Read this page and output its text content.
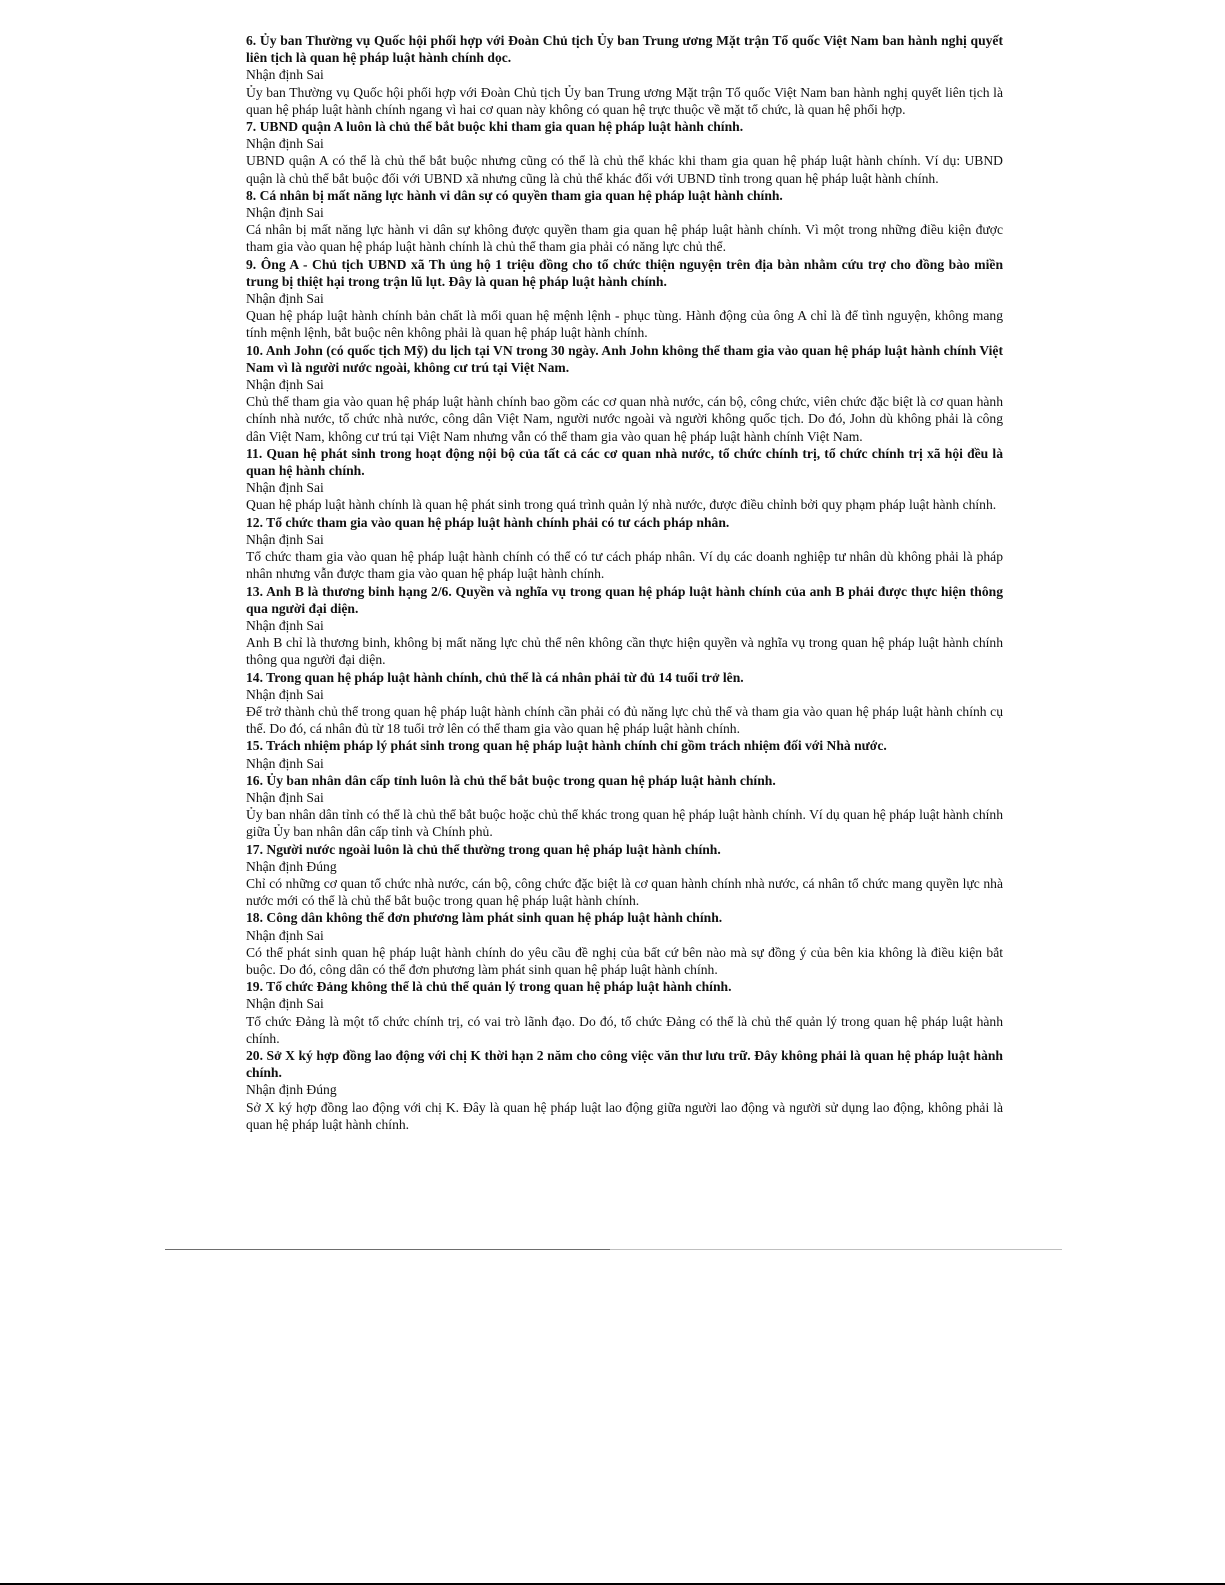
6. Ủy ban Thường vụ Quốc hội phối hợp với Đoàn Chủ tịch Ủy ban Trung ương Mặt trận Tổ quốc Việt Nam ban hành nghị quyết liên tịch là quan hệ pháp luật hành chính dọc.

Nhận định Sai

Ủy ban Thường vụ Quốc hội phối hợp với Đoàn Chủ tịch Ủy ban Trung ương Mặt trận Tổ quốc Việt Nam ban hành nghị quyết liên tịch là quan hệ pháp luật hành chính ngang vì hai cơ quan này không có quan hệ trực thuộc về mặt tổ chức, là quan hệ phối hợp.

7. UBND quận A luôn là chủ thể bắt buộc khi tham gia quan hệ pháp luật hành chính.

Nhận định Sai

UBND quận A có thể là chủ thể bắt buộc nhưng cũng có thể là chủ thể khác khi tham gia quan hệ pháp luật hành chính. Ví dụ: UBND quận là chủ thể bắt buộc đối với UBND xã nhưng cũng là chủ thể khác đối với UBND tỉnh trong quan hệ pháp luật hành chính.

8. Cá nhân bị mất năng lực hành vi dân sự có quyền tham gia quan hệ pháp luật hành chính.

Nhận định Sai

Cá nhân bị mất năng lực hành vi dân sự không được quyền tham gia quan hệ pháp luật hành chính. Vì một trong những điều kiện được tham gia vào quan hệ pháp luật hành chính là chủ thể tham gia phải có năng lực chủ thể.

9. Ông A - Chủ tịch UBND xã Th ủng hộ 1 triệu đồng cho tổ chức thiện nguyện trên địa bàn nhằm cứu trợ cho đồng bào miền trung bị thiệt hại trong trận lũ lụt. Đây là quan hệ pháp luật hành chính.

Nhận định Sai

Quan hệ pháp luật hành chính bản chất là mối quan hệ mệnh lệnh - phục tùng. Hành động của ông A chỉ là để tình nguyện, không mang tính mệnh lệnh, bắt buộc nên không phải là quan hệ pháp luật hành chính.

10. Anh John (có quốc tịch Mỹ) du lịch tại VN trong 30 ngày. Anh John không thể tham gia vào quan hệ pháp luật hành chính Việt Nam vì là người nước ngoài, không cư trú tại Việt Nam.

Nhận định Sai

Chủ thể tham gia vào quan hệ pháp luật hành chính bao gồm các cơ quan nhà nước, cán bộ, công chức, viên chức đặc biệt là cơ quan hành chính nhà nước, tổ chức nhà nước, công dân Việt Nam, người nước ngoài và người không quốc tịch. Do đó, John dù không phải là công dân Việt Nam, không cư trú tại Việt Nam nhưng vẫn có thể tham gia vào quan hệ pháp luật hành chính Việt Nam.

11. Quan hệ phát sinh trong hoạt động nội bộ của tất cả các cơ quan nhà nước, tổ chức chính trị, tổ chức chính trị xã hội đều là quan hệ hành chính.

Nhận định Sai

Quan hệ pháp luật hành chính là quan hệ phát sinh trong quá trình quản lý nhà nước, được điều chỉnh bởi quy phạm pháp luật hành chính.

12. Tổ chức tham gia vào quan hệ pháp luật hành chính phải có tư cách pháp nhân.

Nhận định Sai

Tổ chức tham gia vào quan hệ pháp luật hành chính có thể có tư cách pháp nhân. Ví dụ các doanh nghiệp tư nhân dù không phải là pháp nhân nhưng vẫn được tham gia vào quan hệ pháp luật hành chính.

13. Anh B là thương binh hạng 2/6. Quyền và nghĩa vụ trong quan hệ pháp luật hành chính của anh B phải được thực hiện thông qua người đại diện.

Nhận định Sai

Anh B chỉ là thương binh, không bị mất năng lực chủ thể nên không cần thực hiện quyền và nghĩa vụ trong quan hệ pháp luật hành chính thông qua người đại diện.

14. Trong quan hệ pháp luật hành chính, chủ thể là cá nhân phải từ đủ 14 tuổi trở lên.

Nhận định Sai

Để trở thành chủ thể trong quan hệ pháp luật hành chính cần phải có đủ năng lực chủ thể và tham gia vào quan hệ pháp luật hành chính cụ thể. Do đó, cá nhân đủ từ 18 tuổi trở lên có thể tham gia vào quan hệ pháp luật hành chính.

15. Trách nhiệm pháp lý phát sinh trong quan hệ pháp luật hành chính chỉ gồm trách nhiệm đối với Nhà nước.

Nhận định Sai

16. Ủy ban nhân dân cấp tỉnh luôn là chủ thể bắt buộc trong quan hệ pháp luật hành chính.

Nhận định Sai

Ủy ban nhân dân tỉnh có thể là chủ thể bắt buộc hoặc chủ thể khác trong quan hệ pháp luật hành chính. Ví dụ quan hệ pháp luật hành chính giữa Ủy ban nhân dân cấp tỉnh và Chính phủ.

17. Người nước ngoài luôn là chủ thể thường trong quan hệ pháp luật hành chính.

Nhận định Đúng

Chỉ có những cơ quan tổ chức nhà nước, cán bộ, công chức đặc biệt là cơ quan hành chính nhà nước, cá nhân tổ chức mang quyền lực nhà nước mới có thể là chủ thể bắt buộc trong quan hệ pháp luật hành chính.

18. Công dân không thể đơn phương làm phát sinh quan hệ pháp luật hành chính.

Nhận định Sai

Có thể phát sinh quan hệ pháp luật hành chính do yêu cầu đề nghị của bất cứ bên nào mà sự đồng ý của bên kia không là điều kiện bắt buộc. Do đó, công dân có thể đơn phương làm phát sinh quan hệ pháp luật hành chính.

19. Tổ chức Đảng không thể là chủ thể quản lý trong quan hệ pháp luật hành chính.

Nhận định Sai

Tổ chức Đảng là một tổ chức chính trị, có vai trò lãnh đạo. Do đó, tổ chức Đảng có thể là chủ thể quản lý trong quan hệ pháp luật hành chính.

20. Sở X ký hợp đồng lao động với chị K thời hạn 2 năm cho công việc văn thư lưu trữ. Đây không phải là quan hệ pháp luật hành chính.

Nhận định Đúng

Sở X ký hợp đồng lao động với chị K. Đây là quan hệ pháp luật lao động giữa người lao động và người sử dụng lao động, không phải là quan hệ pháp luật hành chính.
